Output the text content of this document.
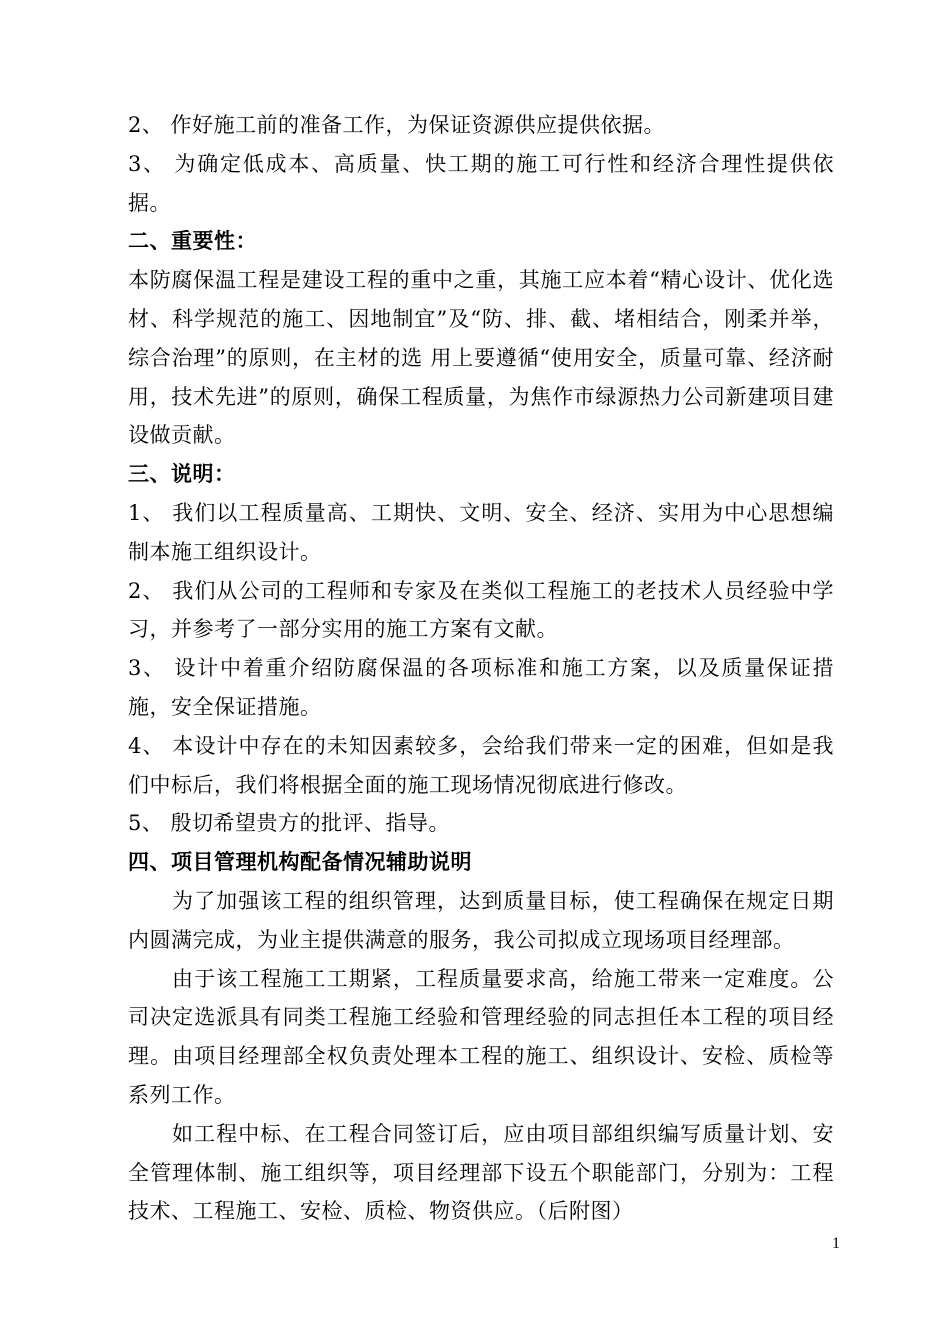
2、 作好施工前的准备工作，为保证资源供应提供依据。

3、 为确定低成本、高质量、快工期的施工可行性和经济合理性提供依据。

二、重要性：

本防腐保温工程是建设工程的重中之重，其施工应本着“精心设计、优化选材、科学规范的施工、因地制宜”及“防、排、截、堵相结合，刚柔并举，综合治理”的原则，在主材的选 用上要遵循“使用安全，质量可靠、经济耐用，技术先进”的原则，确保工程质量，为焦作市绿源热力公司新建项目建设做贡献。

三、说明：

1、 我们以工程质量高、工期快、文明、安全、经济、实用为中心思想编制本施工组织设计。

2、 我们从公司的工程师和专家及在类似工程施工的老技术人员经验中学习，并参考了一部分实用的施工方案有文献。

3、 设计中着重介绍防腐保温的各项标准和施工方案，以及质量保证措施，安全保证措施。

4、 本设计中存在的未知因素较多，会给我们带来一定的困难，但如是我们中标后，我们将根据全面的施工现场情况彻底进行修改。

5、 殷切希望贵方的批评、指导。

四、项目管理机构配备情况辅助说明

为了加强该工程的组织管理，达到质量目标，使工程确保在规定日期内圆满完成，为业主提供满意的服务，我公司拟成立现场项目经理部。

由于该工程施工工期紧，工程质量要求高，给施工带来一定难度。公司决定选派具有同类工程施工经验和管理经验的同志担任本工程的项目经理。由项目经理部全权负责处理本工程的施工、组织设计、安检、质检等系列工作。

如工程中标、在工程合同签订后，应由项目部组织编写质量计划、安全管理体制、施工组织等，项目经理部下设五个职能部门，分别为：工程技术、工程施工、安检、质检、物资供应。（后附图）

1
